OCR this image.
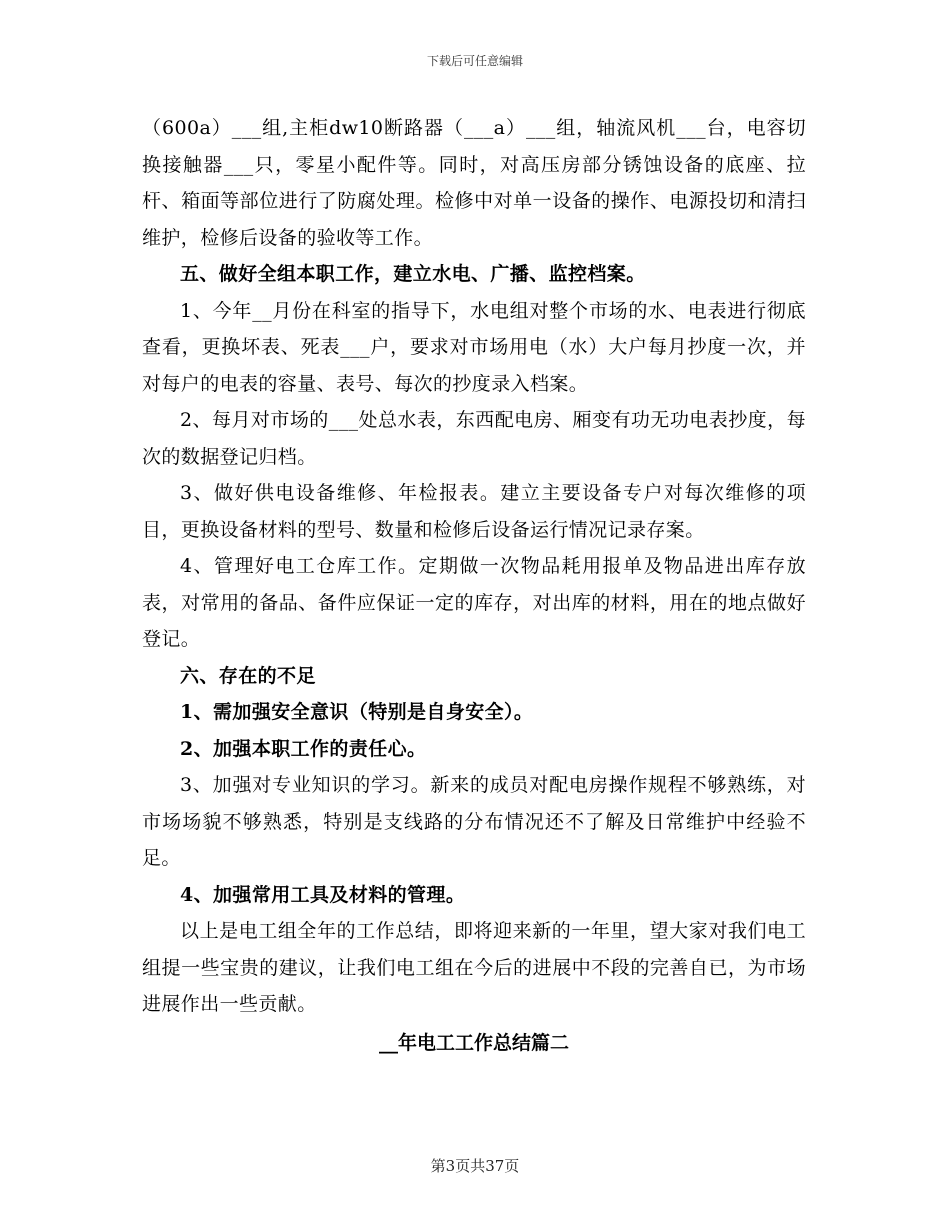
下载后可任意编辑

（600a）___组,主柜dw10断路器（___a）___组，轴流风机___台，电容切换接触器___只，零星小配件等。同时，对高压房部分锈蚀设备的底座、拉杆、箱面等部位进行了防腐处理。检修中对单一设备的操作、电源投切和清扫维护，检修后设备的验收等工作。

五、做好全组本职工作，建立水电、广播、监控档案。

1、今年__月份在科室的指导下，水电组对整个市场的水、电表进行彻底查看，更换坏表、死表___户，要求对市场用电（水）大户每月抄度一次，并对每户的电表的容量、表号、每次的抄度录入档案。

2、每月对市场的___处总水表，东西配电房、厢变有功无功电表抄度，每次的数据登记归档。

3、做好供电设备维修、年检报表。建立主要设备专户对每次维修的项目，更换设备材料的型号、数量和检修后设备运行情况记录存案。

4、管理好电工仓库工作。定期做一次物品耗用报单及物品进出库存放表，对常用的备品、备件应保证一定的库存，对出库的材料，用在的地点做好登记。

六、存在的不足

1、需加强安全意识（特别是自身安全）。

2、加强本职工作的责任心。

3、加强对专业知识的学习。新来的成员对配电房操作规程不够熟练，对市场场貌不够熟悉，特别是支线路的分布情况还不了解及日常维护中经验不足。

4、加强常用工具及材料的管理。

以上是电工组全年的工作总结，即将迎来新的一年里，望大家对我们电工组提一些宝贵的建议，让我们电工组在今后的进展中不段的完善自已，为市场进展作出一些贡献。

__年电工工作总结篇二
第3页共37页
